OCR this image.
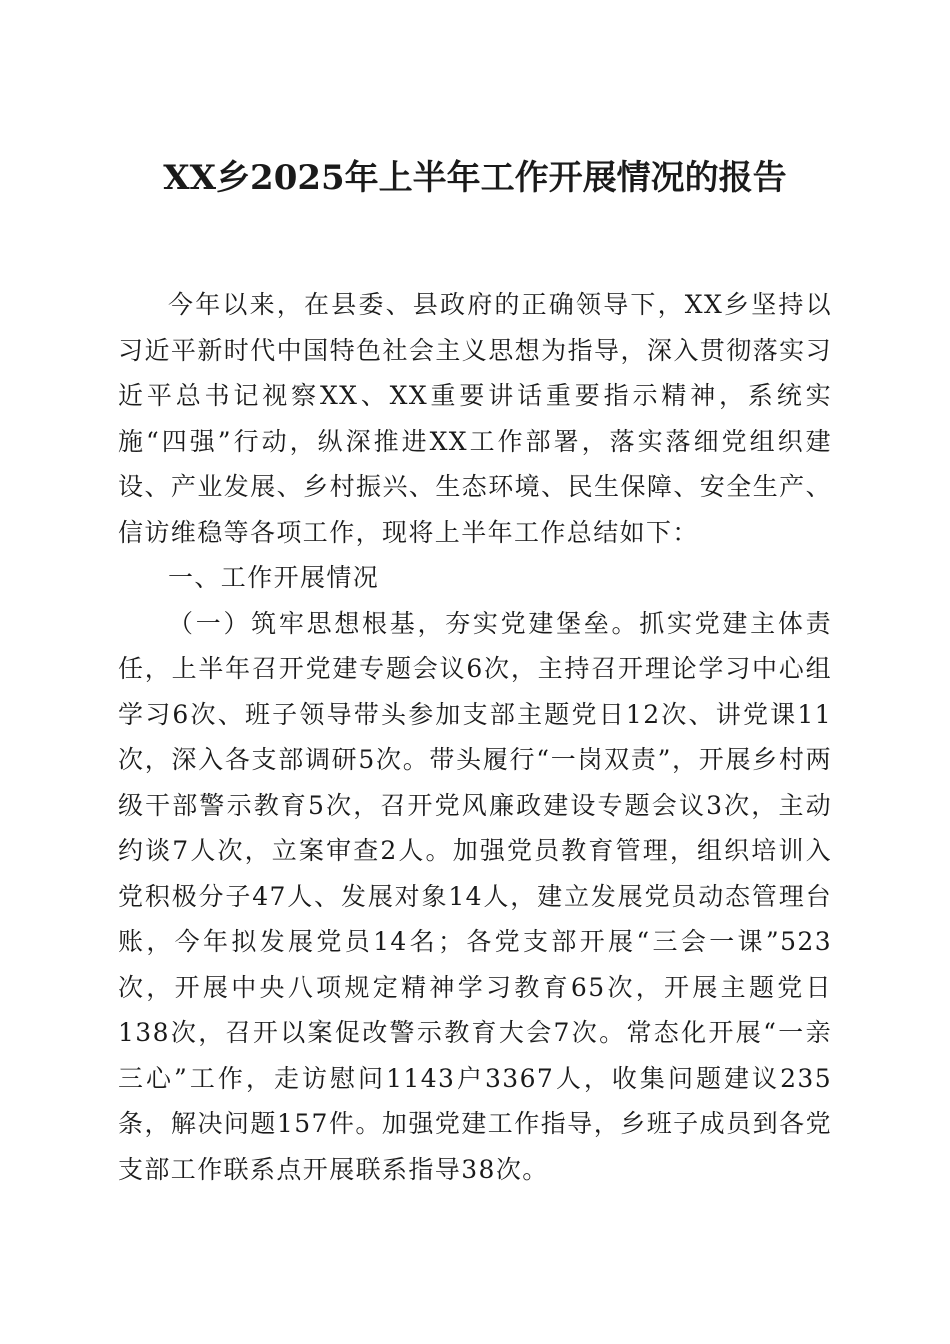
XX乡2025年上半年工作开展情况的报告

今年以来，在县委、县政府的正确领导下，XX乡坚持以习近平新时代中国特色社会主义思想为指导，深入贯彻落实习近平总书记视察XX、XX重要讲话重要指示精神，系统实施“四强”行动，纵深推进XX工作部署，落实落细党组织建设、产业发展、乡村振兴、生态环境、民生保障、安全生产、信访维稳等各项工作，现将上半年工作总结如下：

一、工作开展情况

（一）筑牢思想根基，夯实党建堡垒。抓实党建主体责任，上半年召开党建专题会议6次，主持召开理论学习中心组学习6次、班子领导带头参加支部主题党日12次、讲党课11次，深入各支部调研5次。带头履行“一岗双责”，开展乡村两级干部警示教育5次，召开党风廉政建设专题会议3次，主动约谈7人次，立案审查2人。加强党员教育管理，组织培训入党积极分子47人、发展对象14人，建立发展党员动态管理台账，今年拟发展党员14名；各党支部开展“三会一课”523次，开展中央八项规定精神学习教育65次，开展主题党日138次，召开以案促改警示教育大会7次。常态化开展“一亲三心”工作，走访慰问1143户3367人，收集问题建议235条，解决问题157件。加强党建工作指导，乡班子成员到各党支部工作联系点开展联系指导38次。
